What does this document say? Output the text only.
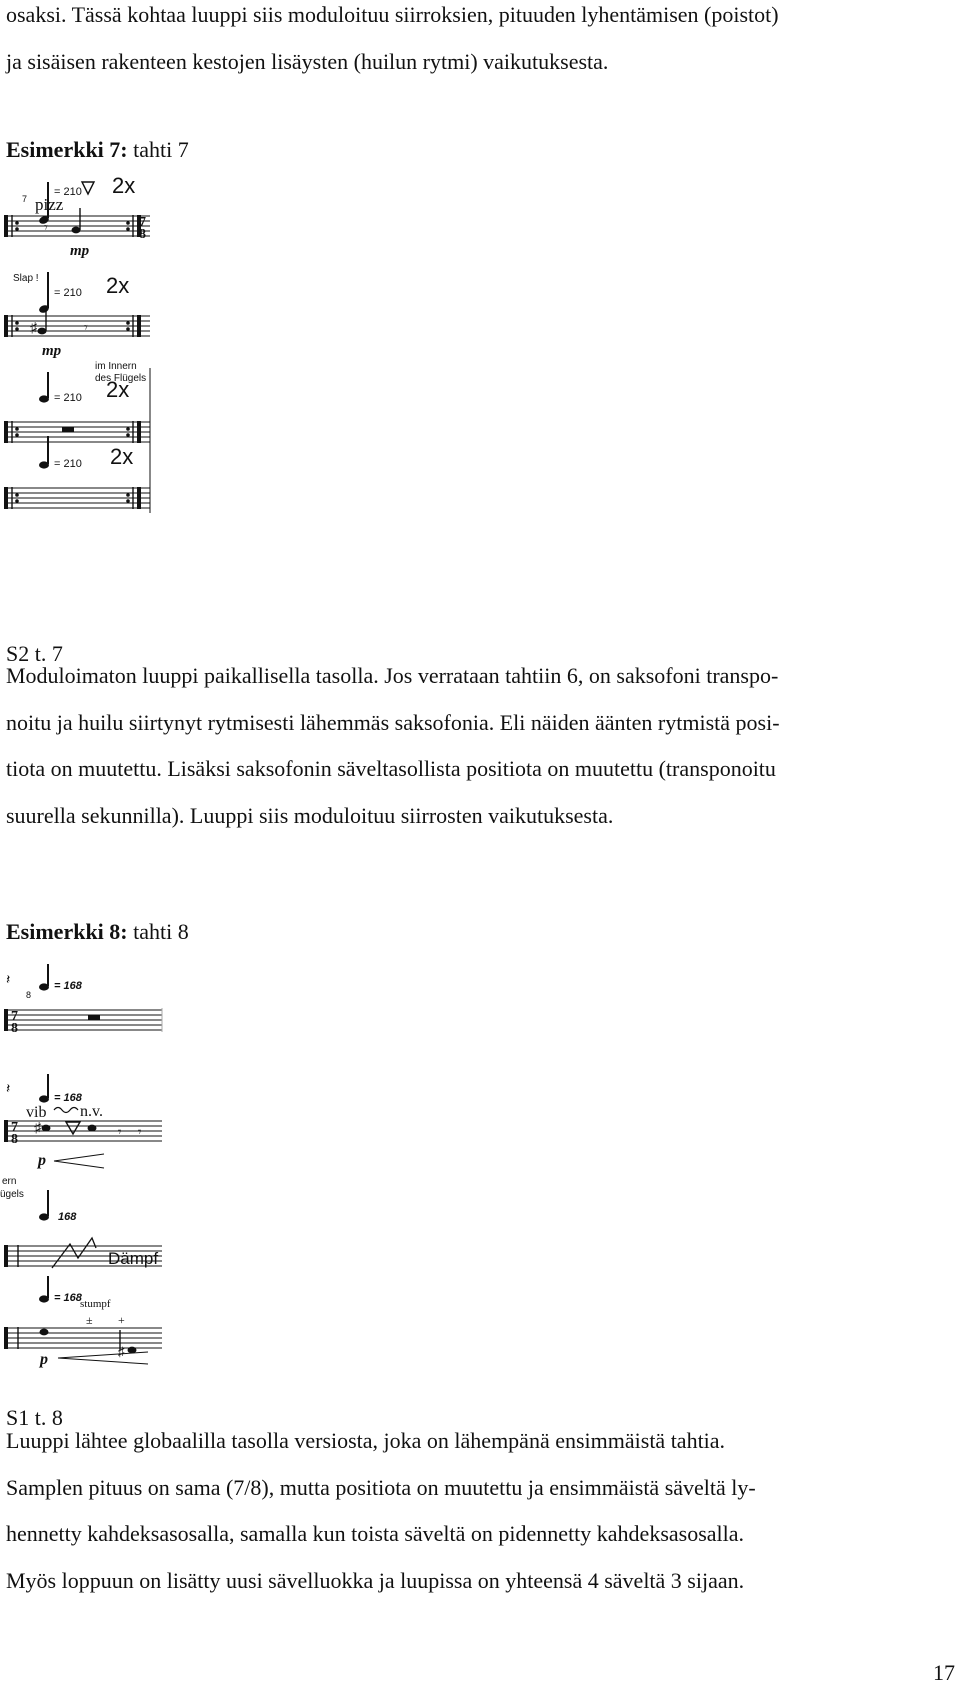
osaksi. Tässä kohtaa luuppi siis moduloituu siirroksien, pituuden lyhentämisen (poistot)
ja sisäisen rakenteen kestojen lisäysten (huilun rytmi) vaikutuksesta.

Esimerkki 7: tahti 7

= 210 2x
7 pizz
𝄾	7
8
mp
Slap !
= 210 2x
♯	𝄾
mp
im Innern
des Flügels
= 210 2x
= 210 2x

S2 t. 7

Moduloimaton luuppi paikallisella tasolla. Jos verrataan tahtiin 6, on saksofoni transpo-
noitu ja huilu siirtynyt rytmisesti lähemmäs saksofonia. Eli näiden äänten rytmistä posi-
tiota on muutettu. Lisäksi saksofonin säveltasollista positiota on muutettu (transponoitu
suurella sekunnilla). Luuppi siis moduloituu siirrosten vaikutuksesta.

Esimerkki 8: tahti 8

𝄽	= 168
8
7
8
𝄽
= 168
vib n.v.
7
8
♯	𝄾 𝄾
p
ern
ügels
168
Dämpf
= 168
stumpf
± +
♯
p

S1 t. 8

Luuppi lähtee globaalilla tasolla versiosta, joka on lähempänä ensimmäistä tahtia.
Samplen pituus on sama (7/8), mutta positiota on muutettu ja ensimmäistä säveltä ly-
hennetty kahdeksasosalla, samalla kun toista säveltä on pidennetty kahdeksasosalla.
Myös loppuun on lisätty uusi sävelluokka ja luupissa on yhteensä 4 säveltä 3 sijaan.
17
